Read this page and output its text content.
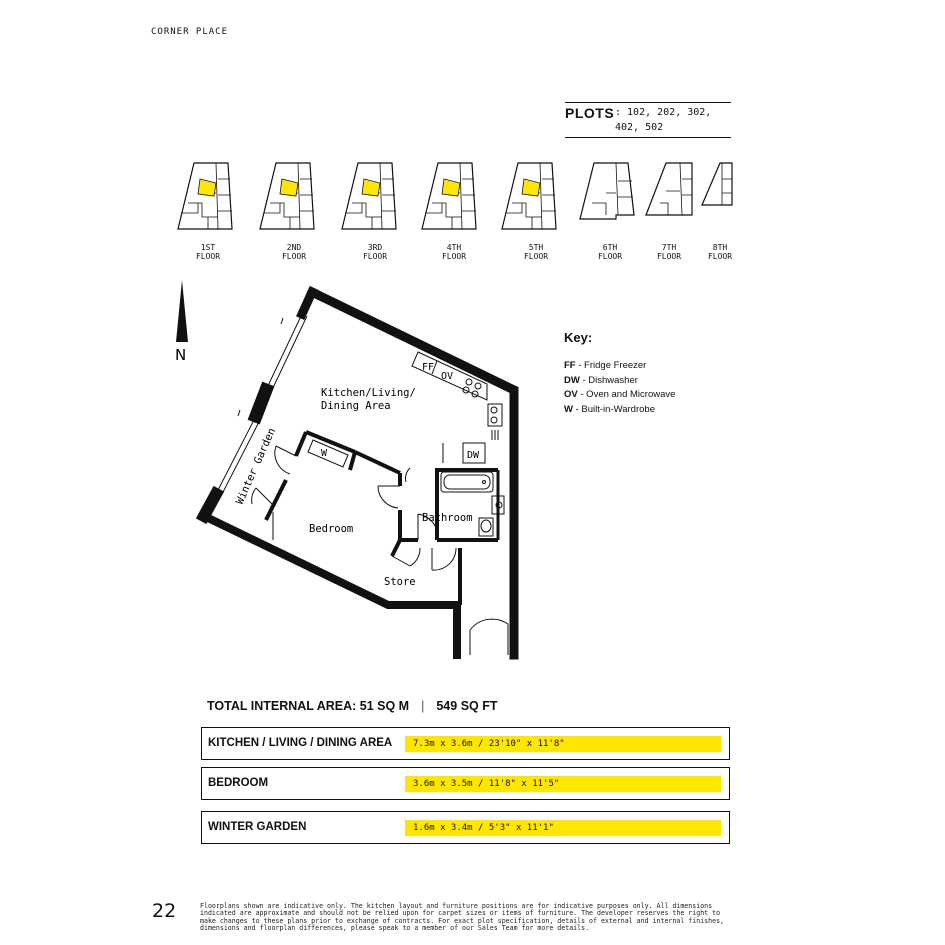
CORNER PLACE
PLOTS : 102, 202, 302,
402, 502
1ST
FLOOR
2ND
FLOOR
3RD
FLOOR
4TH
FLOOR
5TH
FLOOR
6TH
FLOOR
7TH
FLOOR
8TH
FLOOR
N
W
FF
OV
DW
Kitchen/Living/
Dining Area
Bedroom
Bathroom
Store
Winter Garden
Key:
FF - Fridge Freezer
DW - Dishwasher
OV - Oven and Microwave
W - Built-in-Wardrobe
TOTAL INTERNAL AREA: 51 SQ M | 549 SQ FT
KITCHEN / LIVING / DINING AREA	7.3m x 3.6m / 23'10" x 11'8"
BEDROOM	3.6m x 3.5m / 11'8" x 11'5"
WINTER GARDEN	1.6m x 3.4m / 5'3" x 11'1"
22	Floorplans shown are indicative only. The kitchen layout and furniture positions are for indicative purposes only. All dimensions indicated are approximate and should not be relied upon for carpet sizes or items of furniture. The developer reserves the right to make changes to these plans prior to exchange of contracts. For exact plot specification, details of external and internal finishes, dimensions and floorplan differences, please speak to a member of our Sales Team for more details.
